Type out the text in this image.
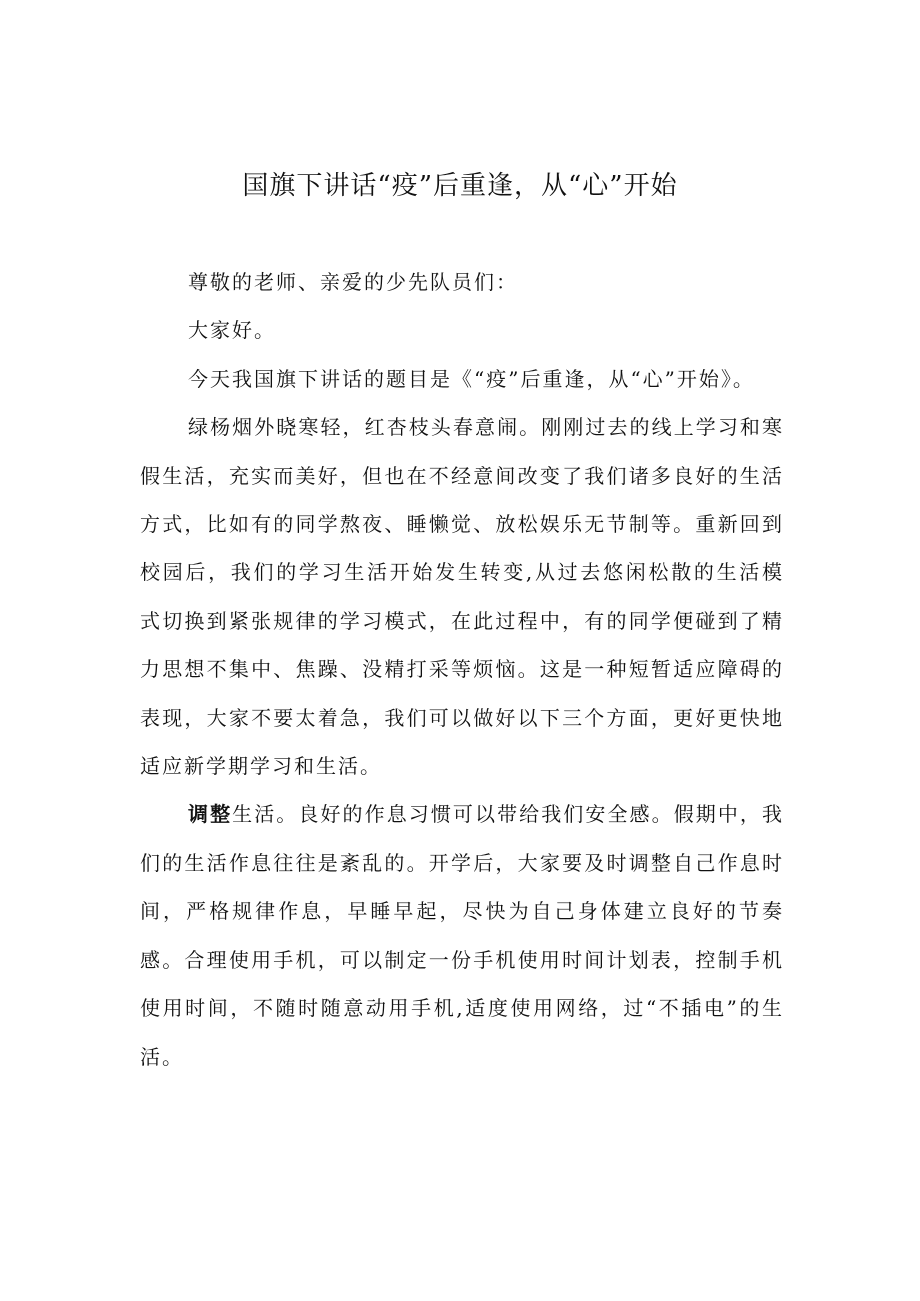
国旗下讲话“疫”后重逢，从“心”开始

尊敬的老师、亲爱的少先队员们：

大家好。

今天我国旗下讲话的题目是《“疫”后重逢，从“心”开始》。

绿杨烟外晓寒轻，红杏枝头春意闹。刚刚过去的线上学习和寒假生活，充实而美好，但也在不经意间改变了我们诸多良好的生活方式，比如有的同学熬夜、睡懒觉、放松娱乐无节制等。重新回到校园后，我们的学习生活开始发生转变,从过去悠闲松散的生活模式切换到紧张规律的学习模式，在此过程中，有的同学便碰到了精力思想不集中、焦躁、没精打采等烦恼。这是一种短暂适应障碍的表现，大家不要太着急，我们可以做好以下三个方面，更好更快地适应新学期学习和生活。

调整生活。良好的作息习惯可以带给我们安全感。假期中，我们的生活作息往往是紊乱的。开学后，大家要及时调整自己作息时间，严格规律作息，早睡早起，尽快为自己身体建立良好的节奏感。合理使用手机，可以制定一份手机使用时间计划表，控制手机使用时间，不随时随意动用手机,适度使用网络，过“不插电”的生活。
